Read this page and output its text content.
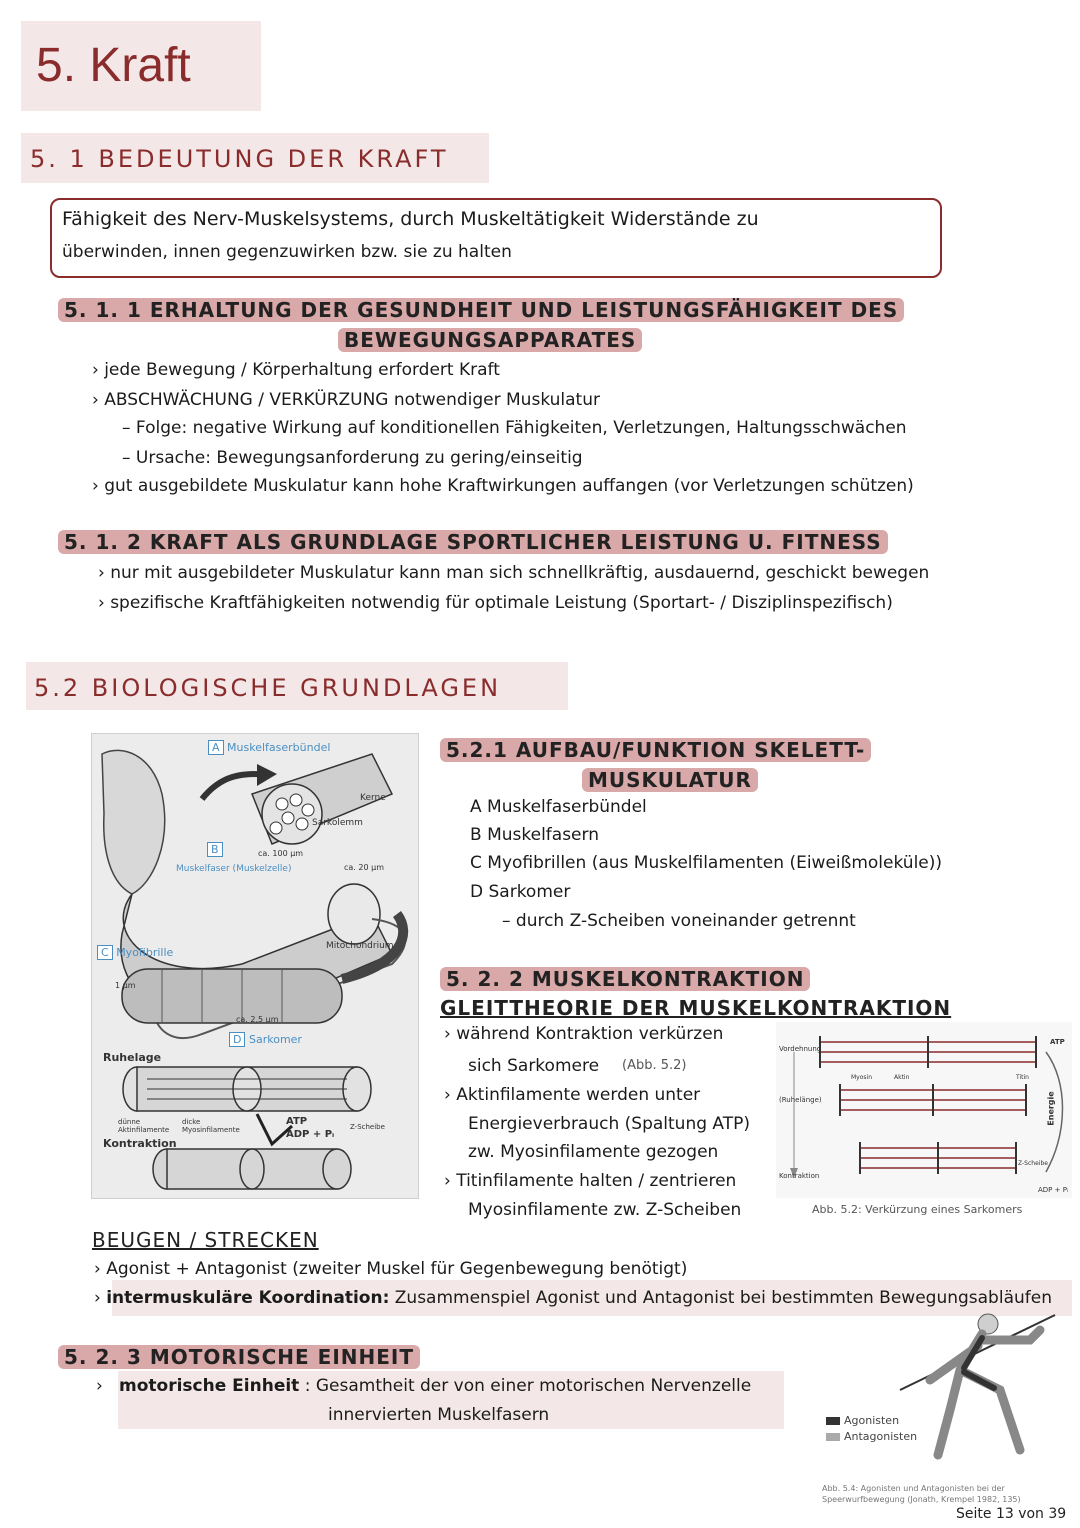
5. Kraft
5. 1 BEDEUTUNG DER KRAFT
Fähigkeit des Nerv-Muskelsystems, durch Muskeltätigkeit Widerstände zu
überwinden, innen gegenzuwirken bzw. sie zu halten
5. 1. 1 ERHALTUNG DER GESUNDHEIT UND LEISTUNGSFÄHIGKEIT DES
BEWEGUNGSAPPARATES
› jede Bewegung / Körperhaltung erfordert Kraft
› ABSCHWÄCHUNG / VERKÜRZUNG notwendiger Muskulatur
– Folge: negative Wirkung auf konditionellen Fähigkeiten, Verletzungen, Haltungsschwächen
– Ursache: Bewegungsanforderung zu gering/einseitig
› gut ausgebildete Muskulatur kann hohe Kraftwirkungen auffangen (vor Verletzungen schützen)
5. 1. 2 KRAFT ALS GRUNDLAGE SPORTLICHER LEISTUNG U. FITNESS
› nur mit ausgebildeter Muskulatur kann man sich schnellkräftig, ausdauernd, geschickt bewegen
› spezifische Kraftfähigkeiten notwendig für optimale Leistung (Sportart- / Disziplinspezifisch)
5.2 BIOLOGISCHE GRUNDLAGEN
A Muskelfaserbündel
Kerne
Sarkolemm
ca. 100 µm
B
Muskelfaser (Muskelzelle)	ca. 20 µm
Mitochondrium
C Myofibrille
1 µm
ca. 2,5 µm
D Sarkomer
Ruhelage
dünne Aktinfilamente
dicke Myosinfilamente
ATP
ADP + Pᵢ
Z-Scheibe
Kontraktion
5.2.1 AUFBAU/FUNKTION SKELETT-
MUSKULATUR
A Muskelfaserbündel
B Muskelfasern
C Myofibrillen (aus Muskelfilamenten (Eiweißmoleküle))
D Sarkomer
– durch Z-Scheiben voneinander getrennt
5. 2. 2 MUSKELKONTRAKTION
GLEITTHEORIE DER MUSKELKONTRAKTION
› während Kontraktion verkürzen
sich Sarkomere (Abb. 5.2)
› Aktinfilamente werden unter
Energieverbrauch (Spaltung ATP)
zw. Myosinfilamente gezogen
› Titinfilamente halten / zentrieren
Myosinfilamente zw. Z-Scheiben
Vordehnung
(Ruhelänge)
Kontraktion
Myosin	Aktin	Titin
ATP
Energie
Z-Scheibe
ADP + Pᵢ
Abb. 5.2: Verkürzung eines Sarkomers
BEUGEN / STRECKEN
› Agonist + Antagonist (zweiter Muskel für Gegenbewegung benötigt)
› intermuskuläre Koordination: Zusammenspiel Agonist und Antagonist bei bestimmten Bewegungsabläufen
5. 2. 3 MOTORISCHE EINHEIT
›   motorische Einheit : Gesamtheit der von einer motorischen Nervenzelle
innervierten Muskelfasern	Agonisten
Antagonisten
Abb. 5.4: Agonisten und Antagonisten bei der
Speerwurfbewegung (Jonath, Krempel 1982, 135)
Seite 13 von 39
